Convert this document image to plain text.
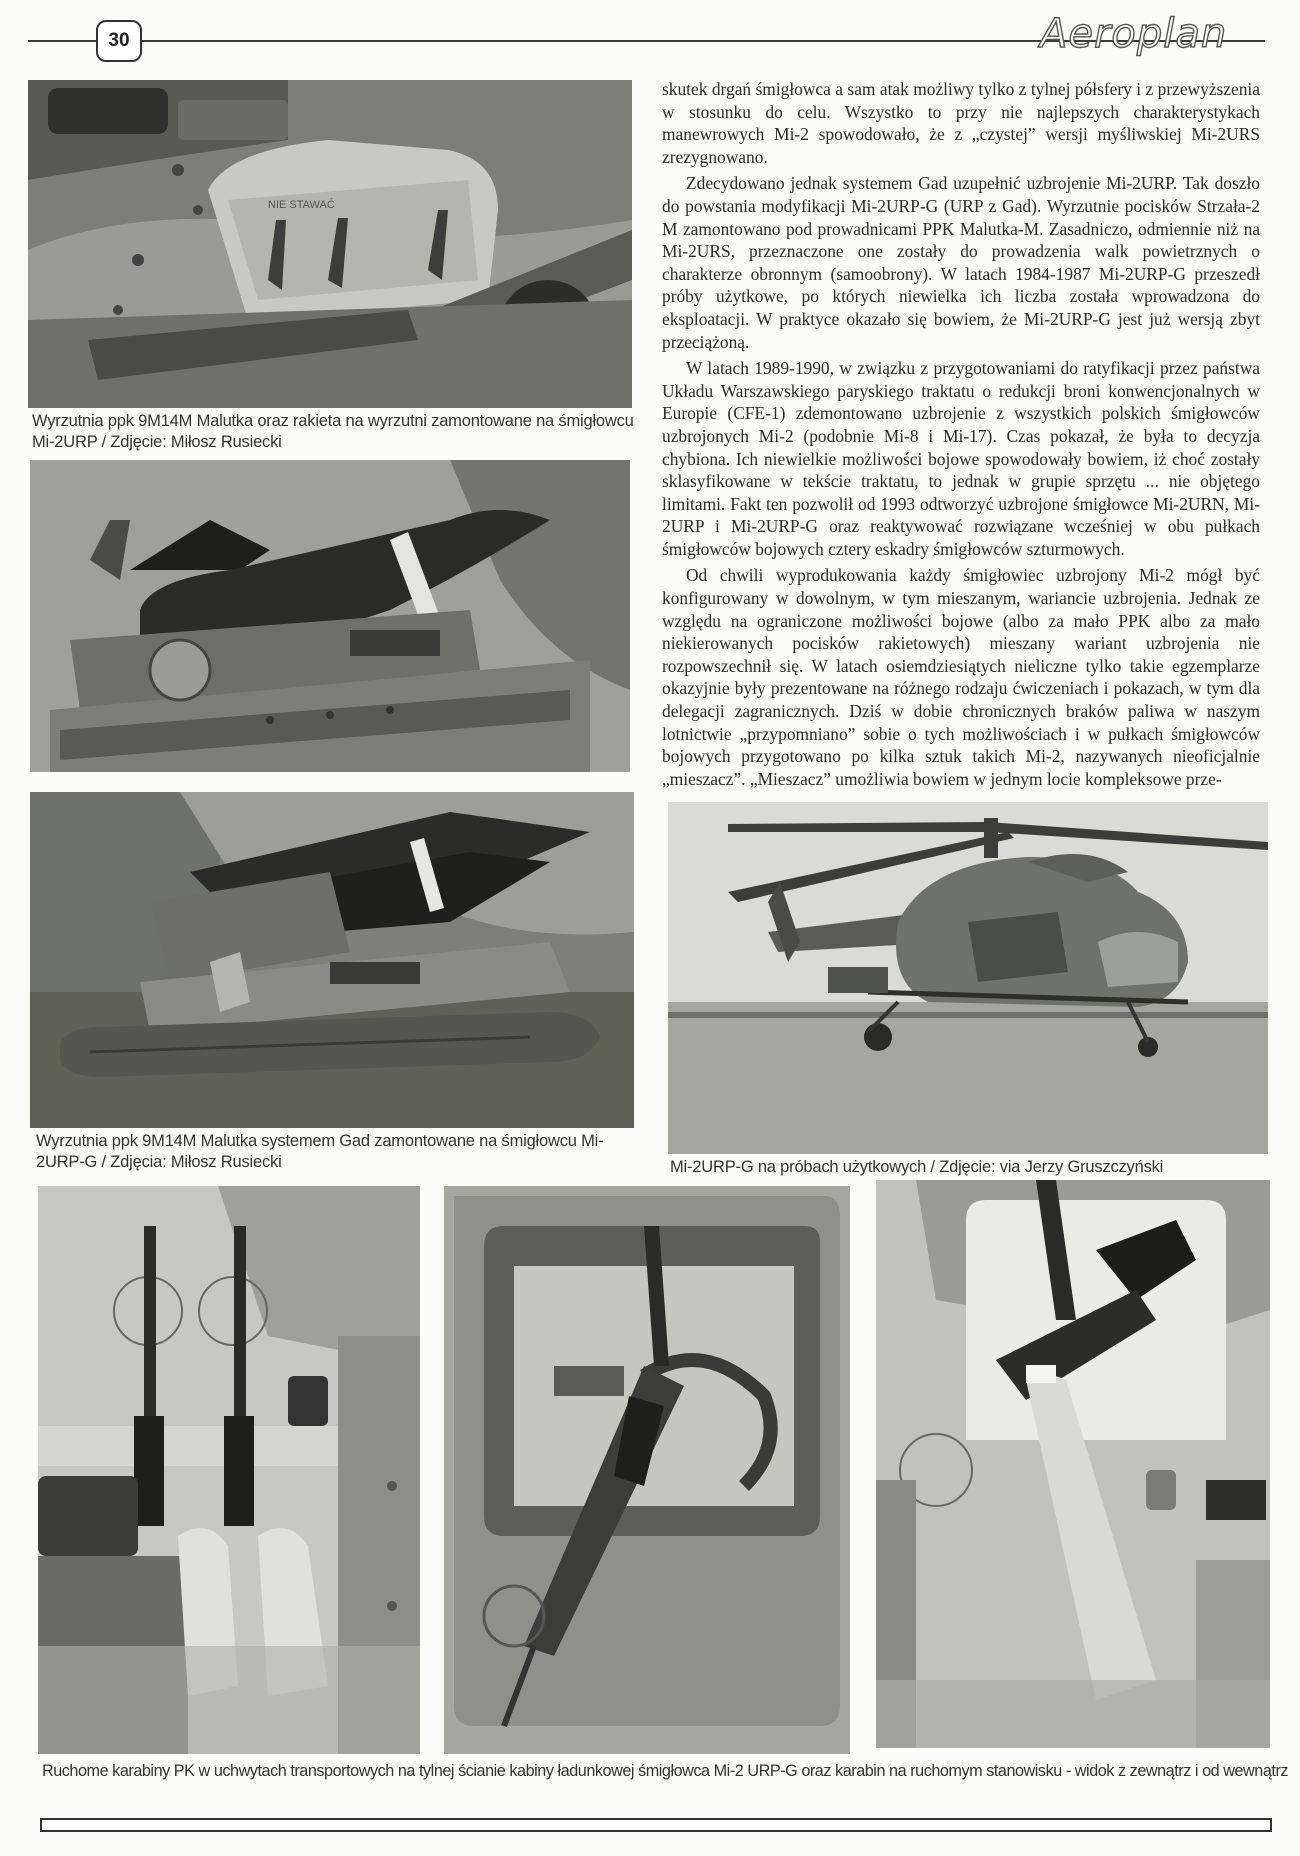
30	Aeroplan
NIE STAWAĆ
Wyrzutnia ppk 9M14M Malutka oraz rakieta na wyrzutni zamontowane na śmigłowcu Mi-2URP / Zdjęcie: Miłosz Rusiecki
Wyrzutnia ppk 9M14M Malutka systemem Gad zamontowane na śmigłowcu Mi-2URP-G / Zdjęcia: Miłosz Rusiecki	Mi-2URP-G na próbach użytkowych / Zdjęcie: via Jerzy Gruszczyński
Ruchome karabiny PK w uchwytach transportowych na tylnej ścianie kabiny ładunkowej śmigłowca Mi-2 URP-G oraz karabin na ruchomym stanowisku - widok z zewnątrz i od wewnątrz

skutek drgań śmigłowca a sam atak możliwy tylko z tylnej półsfery i z przewyższenia w stosunku do celu. Wszystko to przy nie najlepszych charakterystykach manewrowych Mi-2 spowodowało, że z „czystej” wersji myśliwskiej Mi-2URS zrezygnowano.

Zdecydowano jednak systemem Gad uzupełnić uzbrojenie Mi-2URP. Tak doszło do powstania modyfikacji Mi-2URP-G (URP z Gad). Wyrzutnie pocisków Strzała-2 M zamontowano pod prowadnicami PPK Malutka-M. Zasadniczo, odmiennie niż na Mi-2URS, przeznaczone one zostały do prowadzenia walk powietrznych o charakterze obronnym (samoobrony). W latach 1984-1987 Mi-2URP-G przeszedł próby użytkowe, po których niewielka ich liczba została wprowadzona do eksploatacji. W praktyce okazało się bowiem, że Mi-2URP-G jest już wersją zbyt przeciążoną.

W latach 1989-1990, w związku z przygotowaniami do ratyfikacji przez państwa Układu Warszawskiego paryskiego traktatu o redukcji broni konwencjonalnych w Europie (CFE-1) zdemontowano uzbrojenie z wszystkich polskich śmigłowców uzbrojonych Mi-2 (podobnie Mi-8 i Mi-17). Czas pokazał, że była to decyzja chybiona. Ich niewielkie możliwości bojowe spowodowały bowiem, iż choć zostały sklasyfikowane w tekście traktatu, to jednak w grupie sprzętu ... nie objętego limitami. Fakt ten pozwolił od 1993 odtworzyć uzbrojone śmigłowce Mi-2URN, Mi-2URP i Mi-2URP-G oraz reaktywować rozwiązane wcześniej w obu pułkach śmigłowców bojowych cztery eskadry śmigłowców szturmowych.

Od chwili wyprodukowania każdy śmigłowiec uzbrojony Mi-2 mógł być konfigurowany w dowolnym, w tym mieszanym, wariancie uzbrojenia. Jednak ze względu na ograniczone możliwości bojowe (albo za mało PPK albo za mało niekierowanych pocisków rakietowych) mieszany wariant uzbrojenia nie rozpowszechnił się. W latach osiemdziesiątych nieliczne tylko takie egzemplarze okazyjnie były prezentowane na różnego rodzaju ćwiczeniach i pokazach, w tym dla delegacji zagranicznych. Dziś w dobie chronicznych braków paliwa w naszym lotnictwie „przypomniano” sobie o tych możliwościach i w pułkach śmigłowców bojowych przygotowano po kilka sztuk takich Mi-2, nazywanych nieoficjalnie „mieszacz”. „Mieszacz” umożliwia bowiem w jednym locie kompleksowe prze-
